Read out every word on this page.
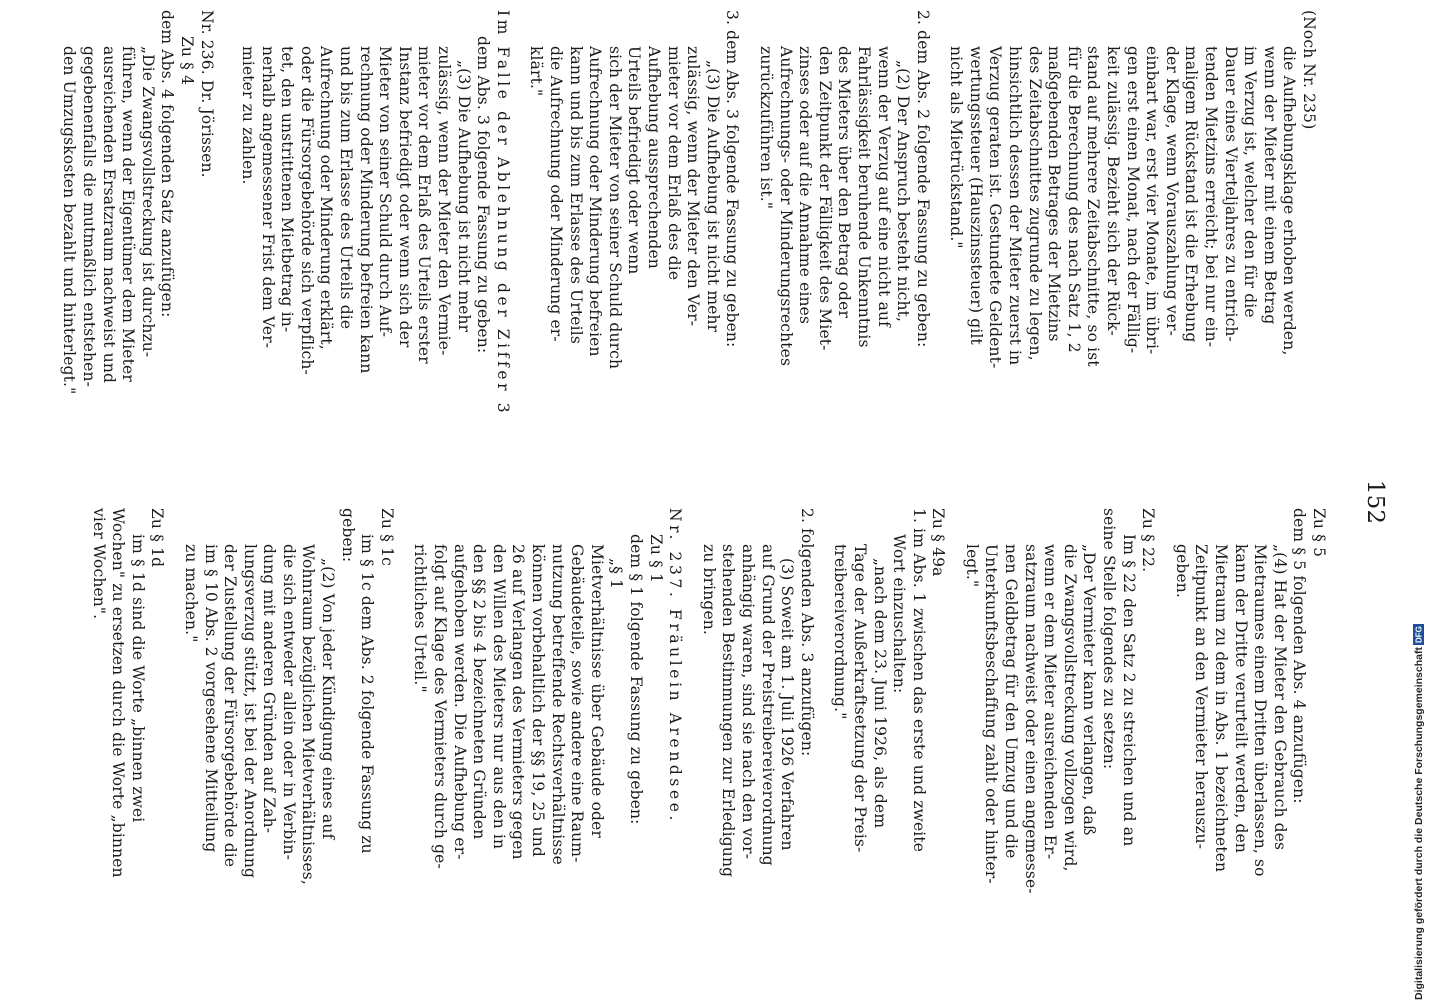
152
(Noch Nr. 235)
die Aufhebungsklage erhoben werden,
wenn der Mieter mit einem Betrag
im Verzug ist, welcher den für die
Dauer eines Vierteljahres zu entrich-
tenden Mietzins erreicht; bei nur ein-
maligem Rückstand ist die Erhebung
der Klage, wenn Vorauszahlung ver-
einbart war, erst vier Monate, im übri-
gen erst einen Monat, nach der Fällig-
keit zulässig. Bezieht sich der Rück-
stand auf mehrere Zeitabschnitte, so ist
für die Berechnung des nach Satz 1, 2
maßgebenden Betrages der Mietzins
des Zeitabschnittes zugrunde zu legen,
hinsichtlich dessen der Mieter zuerst in
Verzug geraten ist. Gestundete Geldent-
wertungssteuer (Hauszinssteuer) gilt
nicht als Mietrückstand."
2. dem Abs. 2 folgende Fassung zu geben:
„(2) Der Anspruch besteht nicht,
wenn der Verzug auf eine nicht auf
Fahrlässigkeit beruhende Unkenntnis
des Mieters über den Betrag oder
den Zeitpunkt der Fälligkeit des Miet-
zinses oder auf die Annahme eines
Aufrechnungs- oder Minderungsrechtes
zurückzuführen ist."
3. dem Abs. 3 folgende Fassung zu geben:
„(3) Die Aufhebung ist nicht mehr
zulässig, wenn der Mieter den Ver-
mieter vor dem Erlaß des die
Aufhebung aussprechenden
Urteils befriedigt oder wenn
sich der Mieter von seiner Schuld durch
Aufrechnung oder Minderung befreien
kann und bis zum Erlasse des Urteils
die Aufrechnung oder Minderung er-
klärt."
Im Falle der Ablehnung der Ziffer 3
dem Abs. 3 folgende Fassung zu geben:
„(3) Die Aufhebung ist nicht mehr
zulässig, wenn der Mieter den Vermie-
mieter vor dem Erlaß des Urteils erster
Instanz befriedigt oder wenn sich der
Mieter von seiner Schuld durch Auf-
rechnung oder Minderung befreien kann
und bis zum Erlasse des Urteils die
Aufrechnung oder Minderung erklärt,
oder die Fürsorgebehörde sich verpflich-
tet, den unstrittenen Mietbetrag in-
nerhalb angemessener Frist dem Ver-
mieter zu zahlen.
Nr. 236. Dr. Jörissen.
Zu § 4
dem Abs. 4 folgenden Satz anzufügen:
„Die Zwangsvollstreckung ist durchzu-
führen, wenn der Eigentümer dem Mieter
ausreichenden Ersatzraum nachweist und
gegebenenfalls die mutmaßlich entstehen-
den Umzugskosten bezahlt und hinterlegt."
Zu § 5
dem § 5 folgenden Abs. 4 anzufügen:
„(4) Hat der Mieter den Gebrauch des
Mietraumes einem Dritten überlassen, so
kann der Dritte verurteilt werden, den
Mietraum zu dem in Abs. 1 bezeichneten
Zeitpunkt an den Vermieter herauszu-
geben.
Zu § 22.
Im § 22 den Satz 2 zu streichen und an
seine Stelle folgendes zu setzen:
„Der Vermieter kann verlangen, daß
die Zwangsvollstreckung vollzogen wird,
wenn er dem Mieter ausreichenden Er-
satzraum nachweist oder einen angemesse-
nen Geldbetrag für den Umzug und die
Unterkunftsbeschaffung zahlt oder hinter-
legt."
Zu § 49a
1. im Abs. 1 zwischen das erste und zweite
Wort einzuschalten:
„nach dem 23. Juni 1926, als dem
Tage der Außerkraftsetzung der Preis-
treibereiverordnung."
2. folgenden Abs. 3 anzufügen:
(3) Soweit am 1. Juli 1926 Verfahren
auf Grund der Preistreibereiverordnung
anhängig waren, sind sie nach den vor-
stehenden Bestimmungen zur Erledigung
zu bringen.
Nr. 237. Fräulein Arendsee.
Zu § 1
dem § 1 folgende Fassung zu geben:
„§ 1
Mietverhältnisse über Gebäude oder
Gebäudeteile, sowie andere eine Raum-
nutzung betreffende Rechtsverhältnisse
können vorbehaltlich der §§ 19, 25 und
26 auf Verlangen des Vermieters gegen
den Willen des Mieters nur aus den in
den §§ 2 bis 4 bezeichneten Gründen
aufgehoben werden. Die Aufhebung er-
folgt auf Klage des Vermieters durch ge-
richtliches Urteil."
Zu § 1c
im § 1c dem Abs. 2 folgende Fassung zu
geben:
„(2) Von jeder Kündigung eines auf
Wohnraum bezüglichen Mietverhältnisses,
die sich entweder allein oder in Verbin-
dung mit anderen Gründen auf Zah-
lungsverzug stützt, ist bei der Anordnung
der Zustellung der Fürsorgebehörde die
im § 10 Abs. 2 vorgesehene Mitteilung
zu machen."
Zu § 1d
im § 1d sind die Worte „binnen zwei
Wochen" zu ersetzen durch die Worte „binnen
vier Wochen".
Digitalisierung gefördert durch die Deutsche Forschungsgemeinschaft
DFG
